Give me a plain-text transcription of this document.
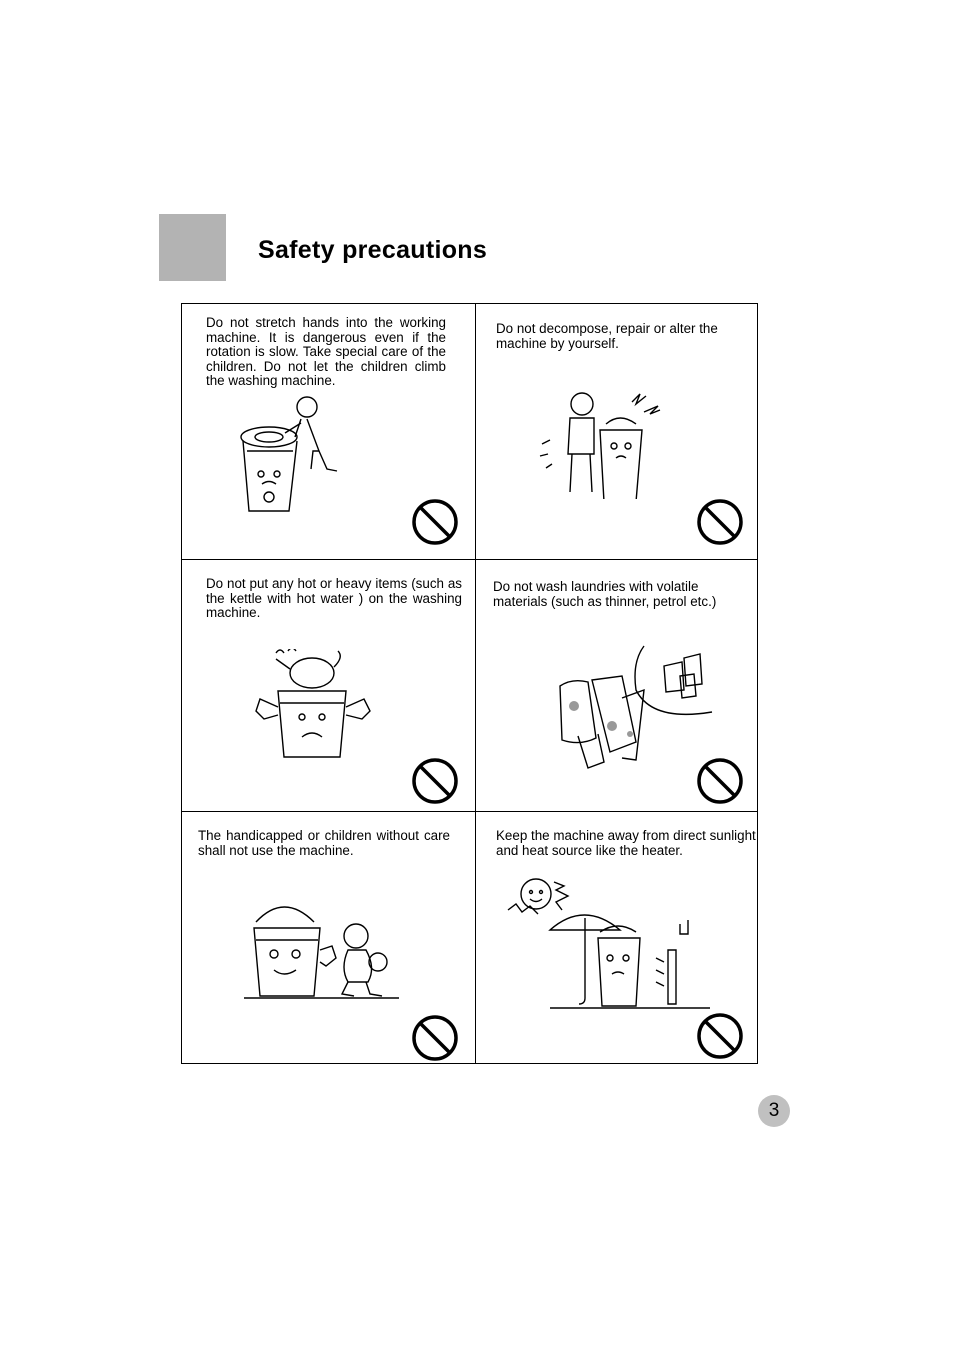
Safety precautions

Do not stretch hands into the working machine. It is dangerous even if the rotation is slow. Take special care of the children. Do not let the children climb the washing machine.

Do not decompose, repair or alter the machine by yourself.

Do not put any hot or heavy items (such as the kettle with hot water ) on the washing machine.

Do not wash laundries with volatile materials (such as thinner, petrol etc.)

The handicapped or children without care shall not use the machine.

Keep the machine away from direct sunlight and heat source like the heater.

3
